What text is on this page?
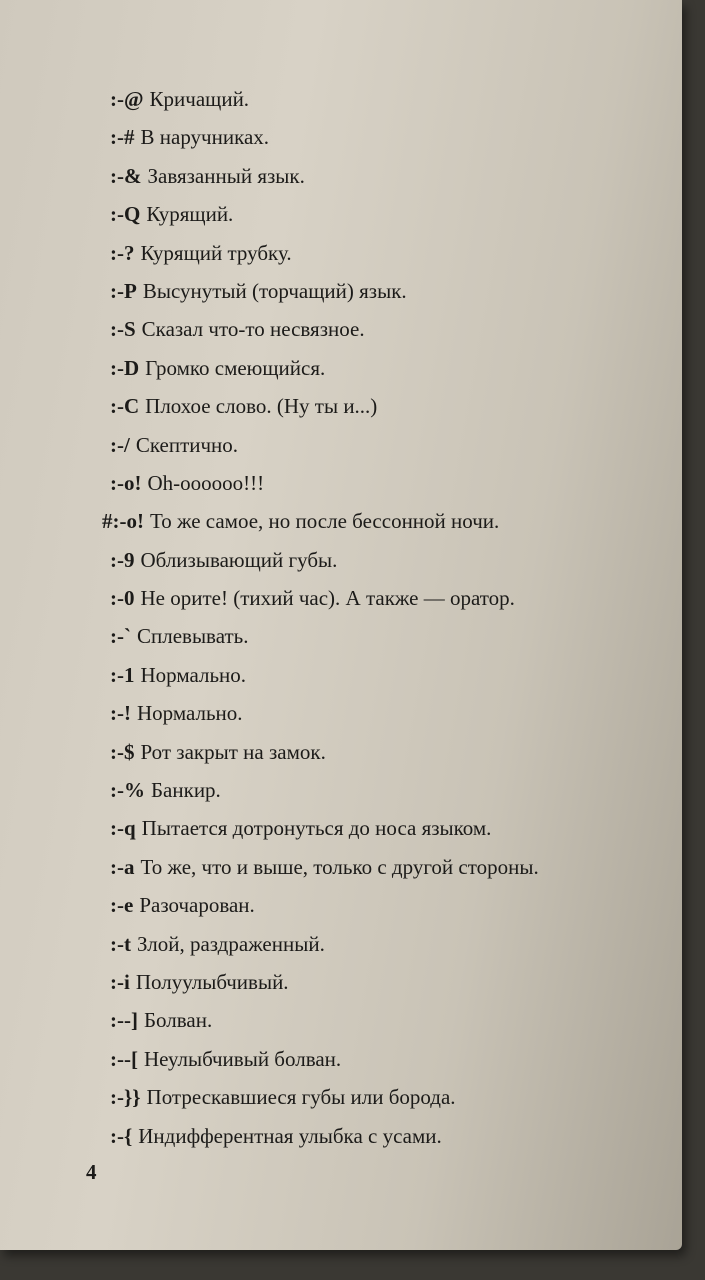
:-@ Кричащий.
:-# В наручниках.
:-& Завязанный язык.
:-Q Курящий.
:-? Курящий трубку.
:-P Высунутый (торчащий) язык.
:-S Сказал что-то несвязное.
:-D Громко смеющийся.
:-C Плохое слово. (Ну ты и...)
:-/ Скептично.
:-o! Oh-oooooo!!!
#:-o! То же самое, но после бессонной ночи.
:-9 Облизывающий губы.
:-0 Не орите! (тихий час). А также — оратор.
:-` Сплевывать.
:-1 Нормально.
:-! Нормально.
:-$ Рот закрыт на замок.
:-% Банкир.
:-q Пытается дотронуться до носа языком.
:-a То же, что и выше, только с другой стороны.
:-e Разочарован.
:-t Злой, раздраженный.
:-i Полуулыбчивый.
:--] Болван.
:--[ Неулыбчивый болван.
:-}} Потрескавшиеся губы или борода.
:-{ Индифферентная улыбка с усами.
4
